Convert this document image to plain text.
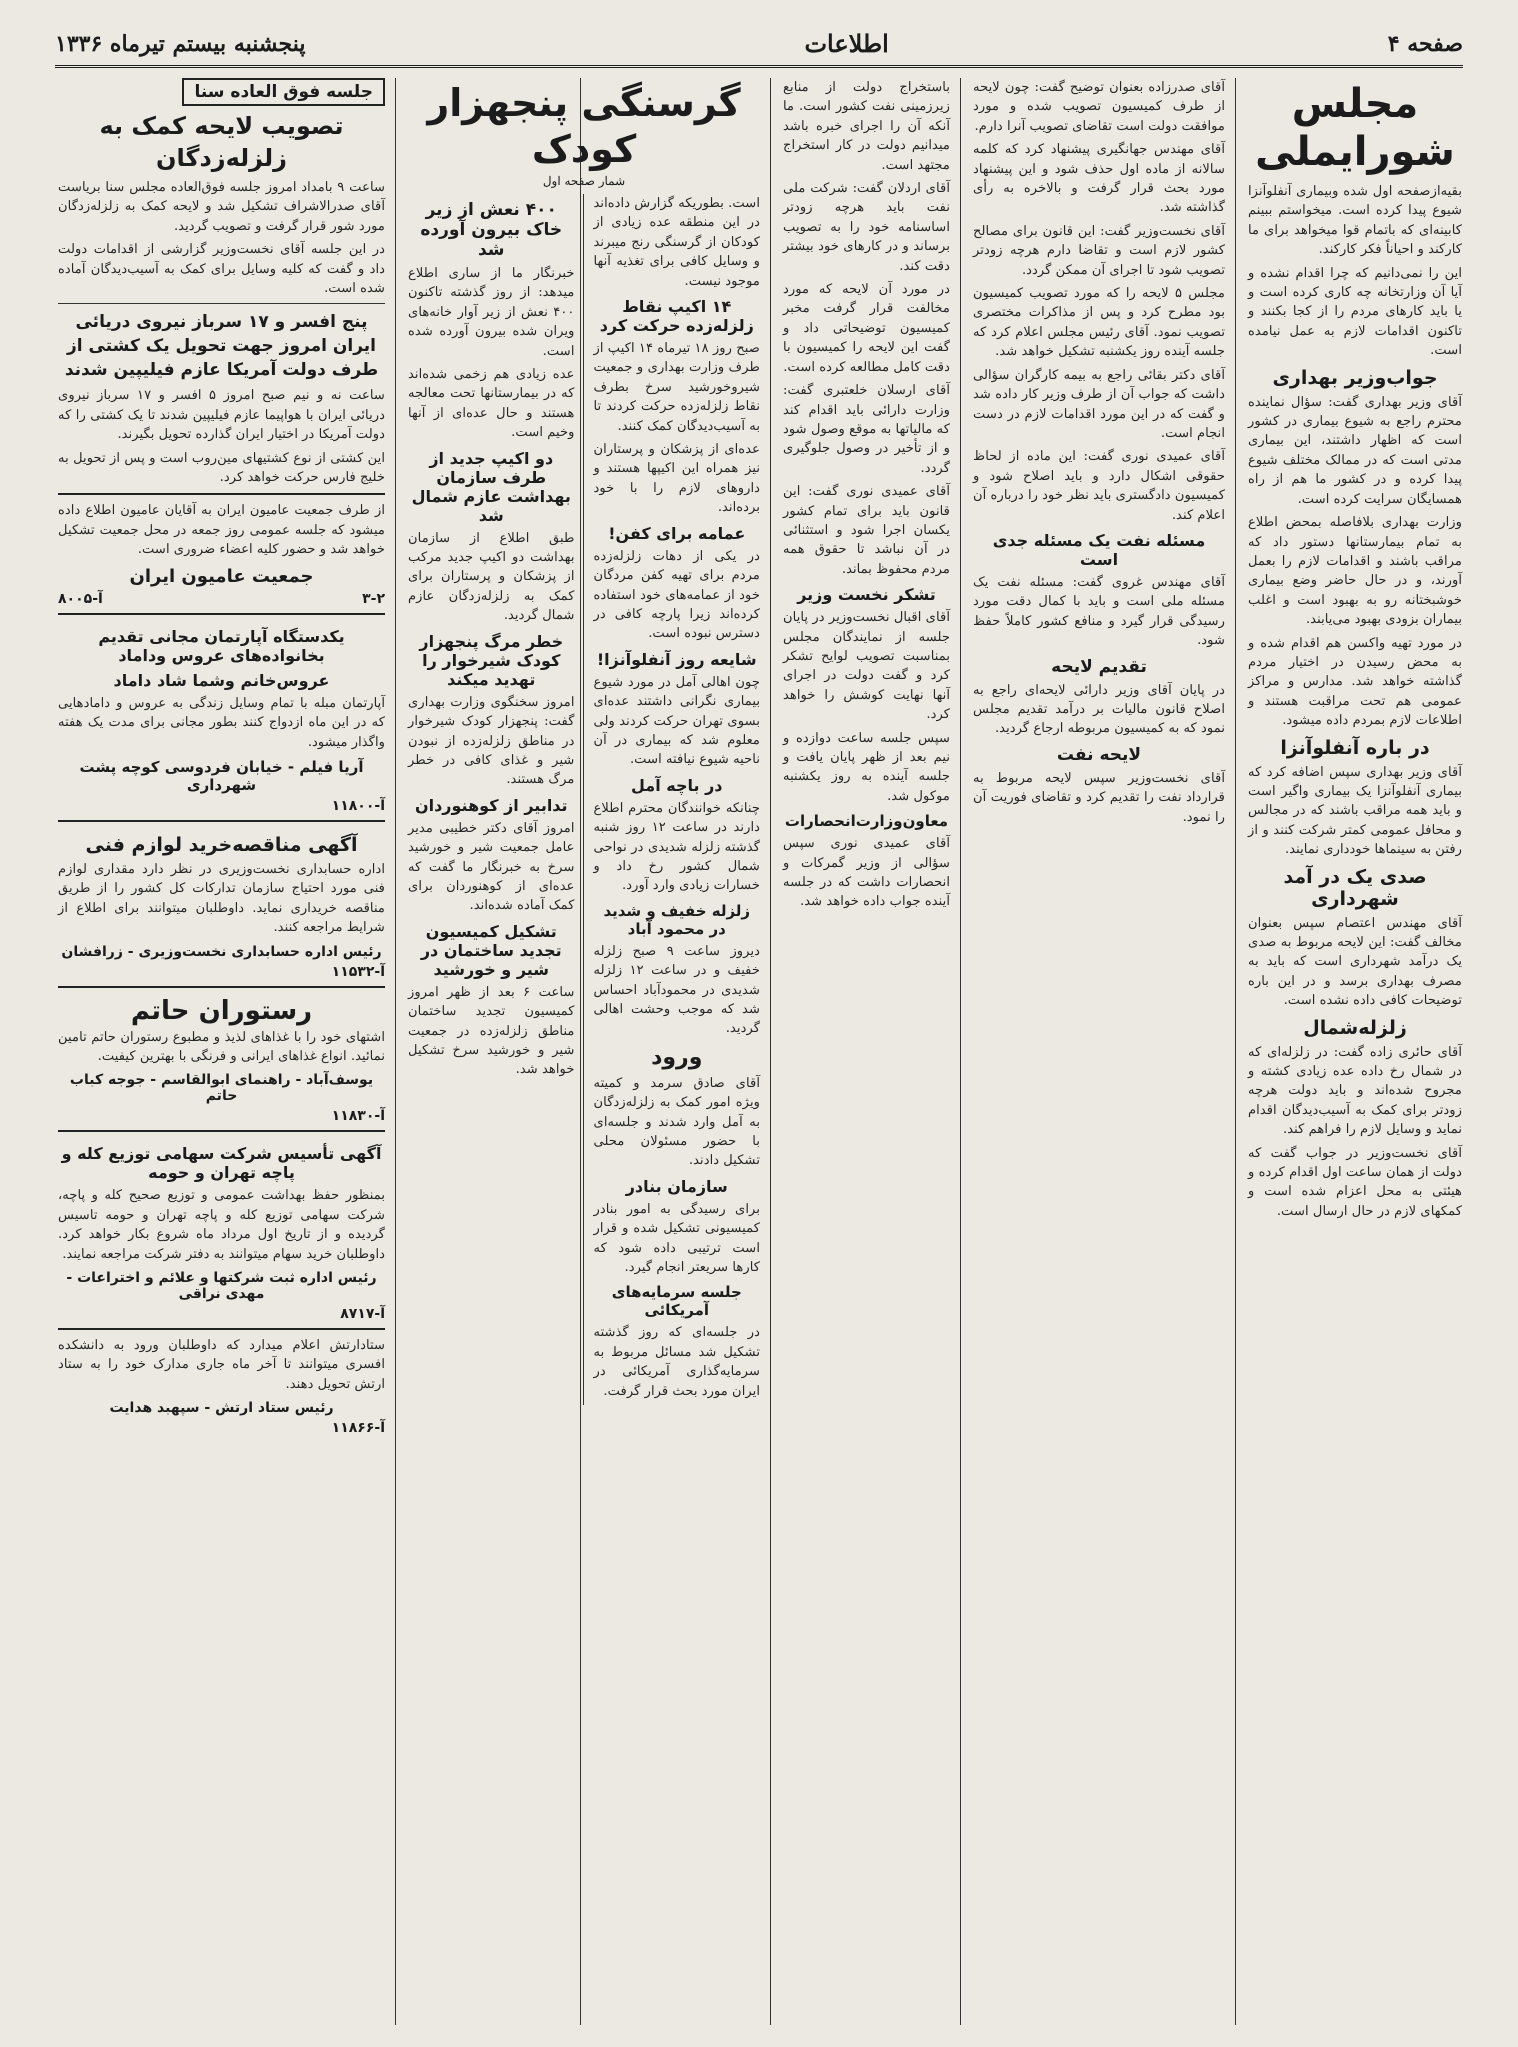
صفحه ۴
اطلاعات
پنجشنبه بیستم تیرماه ۱۳۳۶
مجلس شورایملی

بقیه‌ازصفحه اول شده وبیماری آنفلوآنزا شیوع پیدا کرده است. میخواستم ببینم کابینه‌ای که باتمام قوا میخواهد برای ما کارکند و احیاناً فکر کارکند.

این را نمی‌دانیم که چرا اقدام نشده و آیا آن وزارتخانه چه کاری کرده است و یا باید کارهای مردم را از کجا بکنند و تاکنون اقدامات لازم به عمل نیامده است.

جواب‌وزیر بهداری

آقای وزیر بهداری گفت: سؤال نماینده محترم راجع به شیوع بیماری در کشور است که اظهار داشتند، این بیماری مدتی است که در ممالک مختلف شیوع پیدا کرده و در کشور ما هم از راه همسایگان سرایت کرده است.

وزارت بهداری بلافاصله بمحض اطلاع به تمام بیمارستانها دستور داد که مراقب باشند و اقدامات لازم را بعمل آورند، و در حال حاضر وضع بیماری خوشبختانه رو به بهبود است و اغلب بیماران بزودی بهبود می‌یابند.

در مورد تهیه واکسن هم اقدام شده و به محض رسیدن در اختیار مردم گذاشته خواهد شد. مدارس و مراکز عمومی هم تحت مراقبت هستند و اطلاعات لازم بمردم داده میشود.

در باره آنفلوآنزا

آقای وزیر بهداری سپس اضافه کرد که بیماری آنفلوآنزا یک بیماری واگیر است و باید همه مراقب باشند که در مجالس و محافل عمومی کمتر شرکت کنند و از رفتن به سینماها خودداری نمایند.

صدی یک در آمد شهرداری

آقای مهندس اعتصام سپس بعنوان مخالف گفت: این لایحه مربوط به صدی یک درآمد شهرداری است که باید به مصرف بهداری برسد و در این باره توضیحات کافی داده نشده است.

زلزله‌شمال

آقای حائری زاده گفت: در زلزله‌ای که در شمال رخ داده عده زیادی کشته و مجروح شده‌اند و باید دولت هرچه زودتر برای کمک به آسیب‌دیدگان اقدام نماید و وسایل لازم را فراهم کند.

آقای نخست‌وزیر در جواب گفت که دولت از همان ساعت اول اقدام کرده و هیئتی به محل اعزام شده است و کمکهای لازم در حال ارسال است.

آقای صدرزاده بعنوان توضیح گفت: چون لایحه از طرف کمیسیون تصویب شده و مورد موافقت دولت است تقاضای تصویب آنرا دارم.

آقای مهندس جهانگیری پیشنهاد کرد که کلمه سالانه از ماده اول حذف شود و این پیشنهاد مورد بحث قرار گرفت و بالاخره به رأی گذاشته شد.

آقای نخست‌وزیر گفت: این قانون برای مصالح کشور لازم است و تقاضا دارم هرچه زودتر تصویب شود تا اجرای آن ممکن گردد.

مجلس ۵ لایحه را که مورد تصویب کمیسیون بود مطرح کرد و پس از مذاکرات مختصری تصویب نمود. آقای رئیس مجلس اعلام کرد که جلسه آینده روز یکشنبه تشکیل خواهد شد.

آقای دکتر بقائی راجع به بیمه کارگران سؤالی داشت که جواب آن از طرف وزیر کار داده شد و گفت که در این مورد اقدامات لازم در دست انجام است.

آقای عمیدی نوری گفت: این ماده از لحاظ حقوقی اشکال دارد و باید اصلاح شود و کمیسیون دادگستری باید نظر خود را درباره آن اعلام کند.

مسئله نفت یک مسئله جدی است

آقای مهندس غروی گفت: مسئله نفت یک مسئله ملی است و باید با کمال دقت مورد رسیدگی قرار گیرد و منافع کشور کاملاً حفظ شود.

تقدیم لایحه

در پایان آقای وزیر دارائی لایحه‌ای راجع به اصلاح قانون مالیات بر درآمد تقدیم مجلس نمود که به کمیسیون مربوطه ارجاع گردید.

لایحه نفت

آقای نخست‌وزیر سپس لایحه مربوط به قرارداد نفت را تقدیم کرد و تقاضای فوریت آن را نمود.

باستخراج دولت از منابع زیرزمینی نفت کشور است. ما آنکه آن را اجرای خبره باشد میدانیم دولت در کار استخراج مجتهد است.

آقای اردلان گفت: شرکت ملی نفت باید هرچه زودتر اساسنامه خود را به تصویب برساند و در کارهای خود بیشتر دقت کند.

در مورد آن لایحه که مورد مخالفت قرار گرفت مخبر کمیسیون توضیحاتی داد و گفت این لایحه را کمیسیون با دقت کامل مطالعه کرده است.

آقای ارسلان خلعتبری گفت: وزارت دارائی باید اقدام کند که مالیاتها به موقع وصول شود و از تأخیر در وصول جلوگیری گردد.

آقای عمیدی نوری گفت: این قانون باید برای تمام کشور یکسان اجرا شود و استثنائی در آن نباشد تا حقوق همه مردم محفوظ بماند.

تشکر نخست وزیر

آقای اقبال نخست‌وزیر در پایان جلسه از نمایندگان مجلس بمناسبت تصویب لوایح تشکر کرد و گفت دولت در اجرای آنها نهایت کوشش را خواهد کرد.

سپس جلسه ساعت دوازده و نیم بعد از ظهر پایان یافت و جلسه آینده به روز یکشنبه موکول شد.

معاون‌وزارت‌انحصارات

آقای عمیدی نوری سپس سؤالی از وزیر گمرکات و انحصارات داشت که در جلسه آینده جواب داده خواهد شد.

گرسنگی پنجهزار کودک
شمار صفحه اول

است. بطوریکه گزارش داده‌اند در این منطقه عده زیادی از کودکان از گرسنگی رنج میبرند و وسایل کافی برای تغذیه آنها موجود نیست.

۱۴ اکیپ نقاط زلزله‌زده حرکت کرد

صبح روز ۱۸ تیرماه ۱۴ اکیپ از طرف وزارت بهداری و جمعیت شیروخورشید سرخ بطرف نقاط زلزله‌زده حرکت کردند تا به آسیب‌دیدگان کمک کنند.

عده‌ای از پزشکان و پرستاران نیز همراه این اکیپها هستند و داروهای لازم را با خود برده‌اند.

عمامه برای کفن!

در یکی از دهات زلزله‌زده مردم برای تهیه کفن مردگان خود از عمامه‌های خود استفاده کرده‌اند زیرا پارچه کافی در دسترس نبوده است.

شایعه روز آنفلوآنزا!

چون اهالی آمل در مورد شیوع بیماری نگرانی داشتند عده‌ای بسوی تهران حرکت کردند ولی معلوم شد که بیماری در آن ناحیه شیوع نیافته است.

در باچه آمل

چنانکه خوانندگان محترم اطلاع دارند در ساعت ۱۲ روز شنبه گذشته زلزله شدیدی در نواحی شمال کشور رخ داد و خسارات زیادی وارد آورد.

زلزله خفیف و شدید در محمود آباد

دیروز ساعت ۹ صبح زلزله خفیف و در ساعت ۱۲ زلزله شدیدی در محمودآباد احساس شد که موجب وحشت اهالی گردید.

ورود

آقای صادق سرمد و کمیته ویژه امور کمک به زلزله‌زدگان به آمل وارد شدند و جلسه‌ای با حضور مسئولان محلی تشکیل دادند.

سازمان بنادر

برای رسیدگی به امور بنادر کمیسیونی تشکیل شده و قرار است ترتیبی داده شود که کارها سریعتر انجام گیرد.

جلسه سرمایه‌های آمریکائی

در جلسه‌ای که روز گذشته تشکیل شد مسائل مربوط به سرمایه‌گذاری آمریکائی در ایران مورد بحث قرار گرفت.

۴۰۰ نعش از زیر خاک بیرون آورده شد

خبرنگار ما از ساری اطلاع میدهد: از روز گذشته تاکنون ۴۰۰ نعش از زیر آوار خانه‌های ویران شده بیرون آورده شده است.

عده زیادی هم زخمی شده‌اند که در بیمارستانها تحت معالجه هستند و حال عده‌ای از آنها وخیم است.

دو اکیپ جدید از طرف سازمان بهداشت عازم شمال شد

طبق اطلاع از سازمان بهداشت دو اکیپ جدید مرکب از پزشکان و پرستاران برای کمک به زلزله‌زدگان عازم شمال گردید.

خطر مرگ پنجهزار کودک شیرخوار را تهدید میکند

امروز سخنگوی وزارت بهداری گفت: پنجهزار کودک شیرخوار در مناطق زلزله‌زده از نبودن شیر و غذای کافی در خطر مرگ هستند.

تدابیر از کوهنوردان

امروز آقای دکتر خطیبی مدیر عامل جمعیت شیر و خورشید سرخ به خبرنگار ما گفت که عده‌ای از کوهنوردان برای کمک آماده شده‌اند.

تشکیل کمیسیون تجدید ساختمان در شیر و خورشید

ساعت ۶ بعد از ظهر امروز کمیسیون تجدید ساختمان مناطق زلزله‌زده در جمعیت شیر و خورشید سرخ تشکیل خواهد شد.

جلسه فوق العاده سنا
تصویب لایحه کمک به زلزله‌زدگان

ساعت ۹ بامداد امروز جلسه فوق‌العاده مجلس سنا بریاست آقای صدرالاشراف تشکیل شد و لایحه کمک به زلزله‌زدگان مورد شور قرار گرفت و تصویب گردید.

در این جلسه آقای نخست‌وزیر گزارشی از اقدامات دولت داد و گفت که کلیه وسایل برای کمک به آسیب‌دیدگان آماده شده است.

پنج افسر و ۱۷ سرباز نیروی دریائی ایران امروز جهت تحویل یک کشتی از طرف دولت آمریکا عازم فیلیپین شدند

ساعت نه و نیم صبح امروز ۵ افسر و ۱۷ سرباز نیروی دریائی ایران با هواپیما عازم فیلیپین شدند تا یک کشتی را که دولت آمریکا در اختیار ایران گذارده تحویل بگیرند.

این کشتی از نوع کشتیهای مین‌روب است و پس از تحویل به خلیج فارس حرکت خواهد کرد.

از طرف جمعیت عامیون ایران به آقایان عامیون اطلاع داده میشود که جلسه عمومی روز جمعه در محل جمعیت تشکیل خواهد شد و حضور کلیه اعضاء ضروری است.

جمعیت عامیون ایران
۳-۲
آ-۸۰۰۵
یکدستگاه آپارتمان مجانی تقدیم بخانواده‌های عروس وداماد
عروس‌خانم وشما شاد داماد

آپارتمان مبله با تمام وسایل زندگی به عروس و دامادهایی که در این ماه ازدواج کنند بطور مجانی برای مدت یک هفته واگذار میشود.

آریا فیلم - خیابان فردوسی کوچه پشت شهرداری
آ-۱۱۸۰۰
آگهی مناقصه‌خرید لوازم فنی

اداره حسابداری نخست‌وزیری در نظر دارد مقداری لوازم فنی مورد احتیاج سازمان تدارکات کل کشور را از طریق مناقصه خریداری نماید. داوطلبان میتوانند برای اطلاع از شرایط مراجعه کنند.

رئیس اداره حسابداری نخست‌وزیری - زرافشان
آ-۱۱۵۳۲
رستوران حاتم

اشتهای خود را با غذاهای لذیذ و مطبوع رستوران حاتم تامین نمائید. انواع غذاهای ایرانی و فرنگی با بهترین کیفیت.

یوسف‌آباد - راهنمای ابوالقاسم - جوجه کباب حاتم
آ-۱۱۸۳۰
آگهی تأسیس شرکت سهامی توزیع کله و پاچه تهران و حومه

بمنظور حفظ بهداشت عمومی و توزیع صحیح کله و پاچه، شرکت سهامی توزیع کله و پاچه تهران و حومه تاسیس گردیده و از تاریخ اول مرداد ماه شروع بکار خواهد کرد. داوطلبان خرید سهام میتوانند به دفتر شرکت مراجعه نمایند.

رئیس اداره ثبت شرکتها و علائم و اختراعات - مهدی نراقی
آ-۸۷۱۷

ستادارتش اعلام میدارد که داوطلبان ورود به دانشکده افسری میتوانند تا آخر ماه جاری مدارک خود را به ستاد ارتش تحویل دهند.

رئیس ستاد ارتش - سپهبد هدایت
آ-۱۱۸۶۶
